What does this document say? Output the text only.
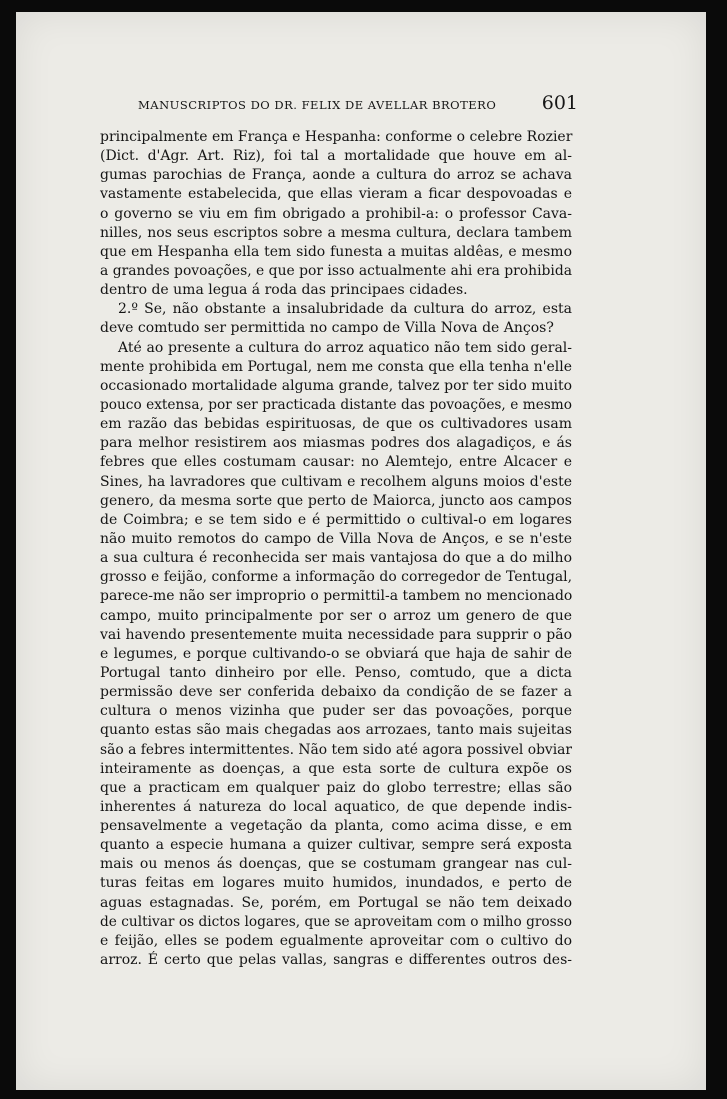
MANUSCRIPTOS DO DR. FELIX DE AVELLAR BROTERO 601
principalmente em França e Hespanha: conforme o celebre Rozier
(Dict. d'Agr. Art. Riz), foi tal a mortalidade que houve em al-
gumas parochias de França, aonde a cultura do arroz se achava
vastamente estabelecida, que ellas vieram a ficar despovoadas e
o governo se viu em fim obrigado a prohibil-a: o professor Cava-
nilles, nos seus escriptos sobre a mesma cultura, declara tambem
que em Hespanha ella tem sido funesta a muitas aldêas, e mesmo
a grandes povoações, e que por isso actualmente ahi era prohibida
dentro de uma legua á roda das principaes cidades.
2.º Se, não obstante a insalubridade da cultura do arroz, esta
deve comtudo ser permittida no campo de Villa Nova de Anços?
Até ao presente a cultura do arroz aquatico não tem sido geral-
mente prohibida em Portugal, nem me consta que ella tenha n'elle
occasionado mortalidade alguma grande, talvez por ter sido muito
pouco extensa, por ser practicada distante das povoações, e mesmo
em razão das bebidas espirituosas, de que os cultivadores usam
para melhor resistirem aos miasmas podres dos alagadiços, e ás
febres que elles costumam causar: no Alemtejo, entre Alcacer e
Sines, ha lavradores que cultivam e recolhem alguns moios d'este
genero, da mesma sorte que perto de Maiorca, juncto aos campos
de Coimbra; e se tem sido e é permittido o cultival-o em logares
não muito remotos do campo de Villa Nova de Anços, e se n'este
a sua cultura é reconhecida ser mais vantajosa do que a do milho
grosso e feijão, conforme a informação do corregedor de Tentugal,
parece-me não ser improprio o permittil-a tambem no mencionado
campo, muito principalmente por ser o arroz um genero de que
vai havendo presentemente muita necessidade para supprir o pão
e legumes, e porque cultivando-o se obviará que haja de sahir de
Portugal tanto dinheiro por elle. Penso, comtudo, que a dicta
permissão deve ser conferida debaixo da condição de se fazer a
cultura o menos vizinha que puder ser das povoações, porque
quanto estas são mais chegadas aos arrozaes, tanto mais sujeitas
são a febres intermittentes. Não tem sido até agora possivel obviar
inteiramente as doenças, a que esta sorte de cultura expõe os
que a practicam em qualquer paiz do globo terrestre; ellas são
inherentes á natureza do local aquatico, de que depende indis-
pensavelmente a vegetação da planta, como acima disse, e em
quanto a especie humana a quizer cultivar, sempre será exposta
mais ou menos ás doenças, que se costumam grangear nas cul-
turas feitas em logares muito humidos, inundados, e perto de
aguas estagnadas. Se, porém, em Portugal se não tem deixado
de cultivar os dictos logares, que se aproveitam com o milho grosso
e feijão, elles se podem egualmente aproveitar com o cultivo do
arroz. É certo que pelas vallas, sangras e differentes outros des-
